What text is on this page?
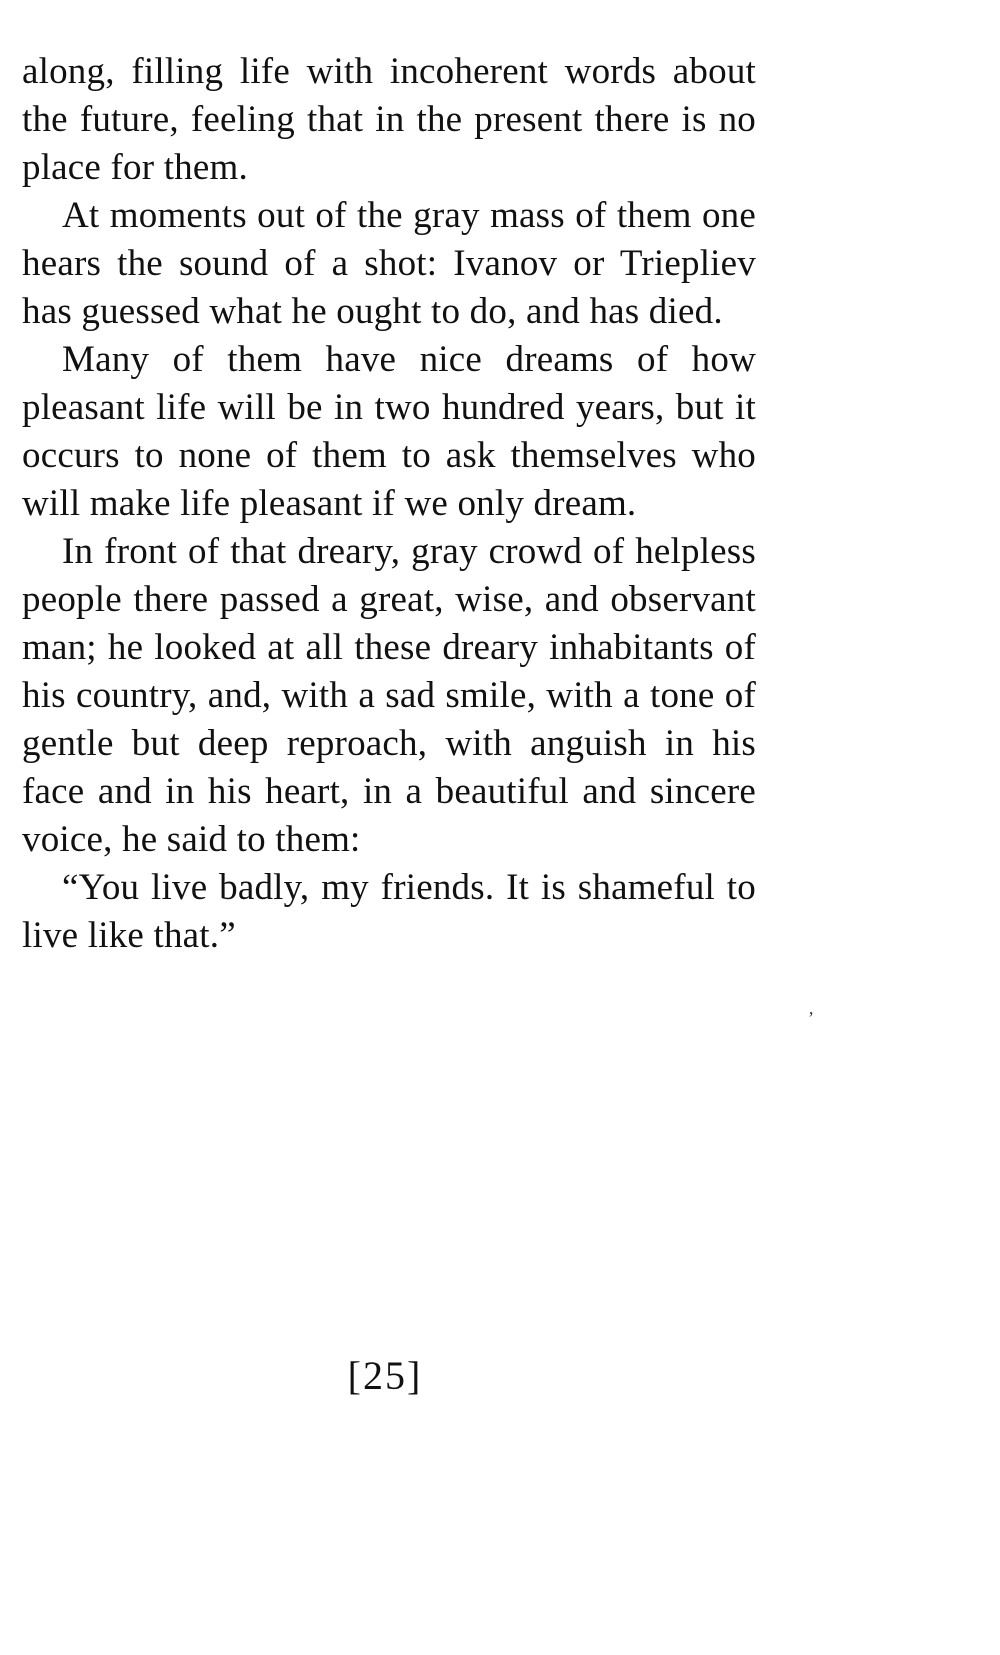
along, filling life with incoherent words about the future, feeling that in the present there is no place for them.

At moments out of the gray mass of them one hears the sound of a shot: Ivanov or Triepliev has guessed what he ought to do, and has died.

Many of them have nice dreams of how pleasant life will be in two hundred years, but it occurs to none of them to ask themselves who will make life pleasant if we only dream.

In front of that dreary, gray crowd of helpless people there passed a great, wise, and observant man; he looked at all these dreary inhabitants of his country, and, with a sad smile, with a tone of gentle but deep reproach, with anguish in his face and in his heart, in a beautiful and sincere voice, he said to them:

“You live badly, my friends. It is shameful to live like that.”

[25]
ʼ
